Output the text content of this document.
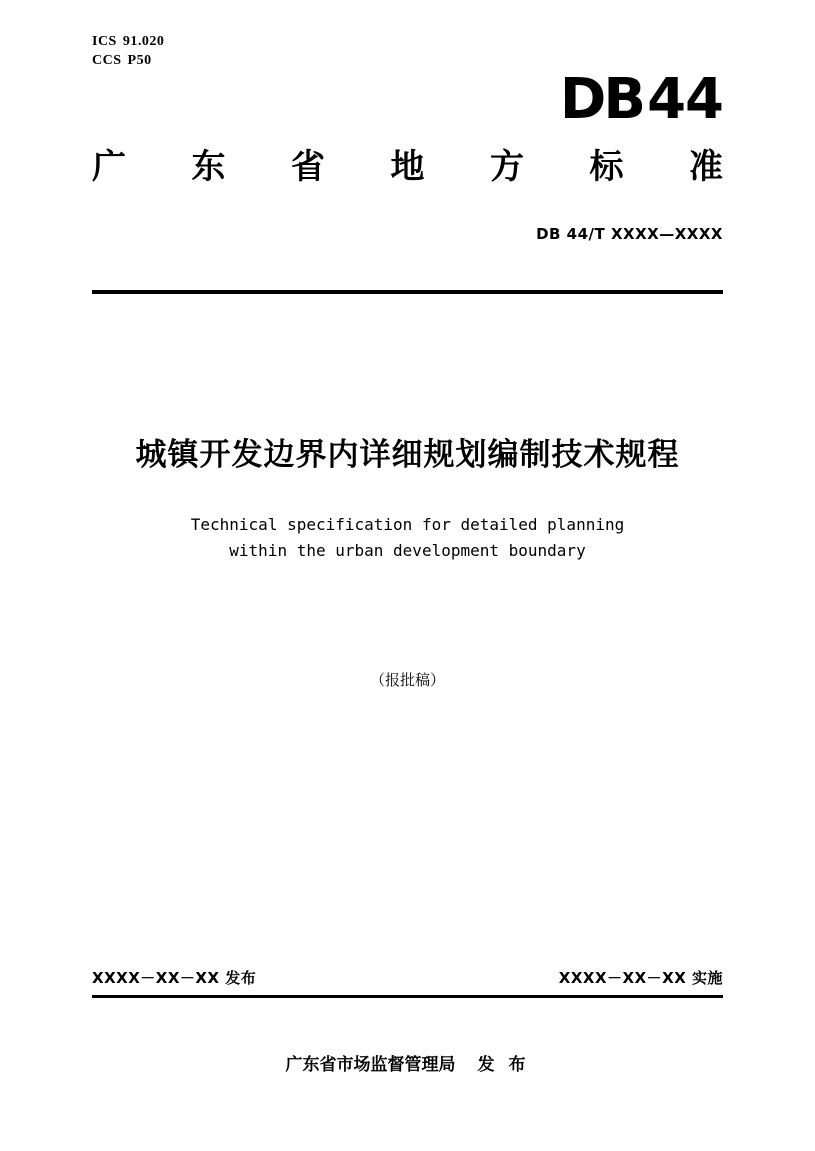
ICS 91.020
CCS P50
DB44
广 东 省 地 方 标 准
DB 44/T XXXX—XXXX
城镇开发边界内详细规划编制技术规程
Technical specification for detailed planning
within the urban development boundary
（报批稿）
XXXX－XX－XX 发布	XXXX－XX－XX 实施
广东省市场监督管理局 发 布
